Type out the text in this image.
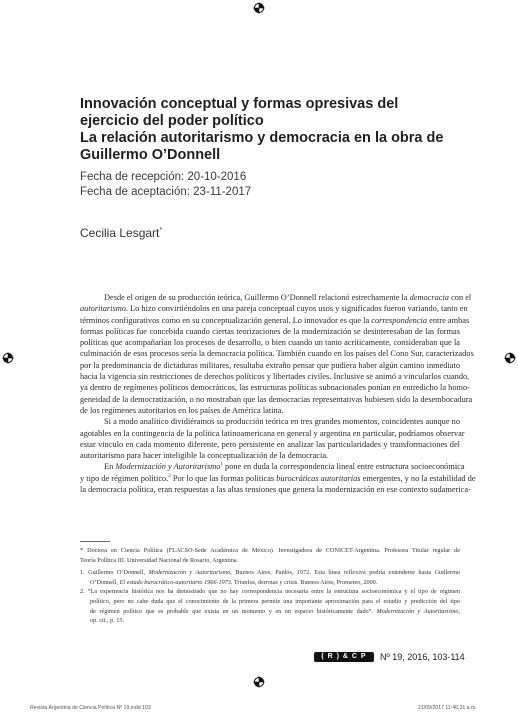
Innovación conceptual y formas opresivas del
ejercicio del poder político
La relación autoritarismo y democracia en la obra de
Guillermo O’Donnell
Fecha de recepción: 20-10-2016
Fecha de aceptación: 23-11-2017
Cecilia Lesgart*

Desde el origen de su producción teórica, Guillermo O’Donnell relacionó estrechamente la democracia con el
autoritarismo. Lo hizo convirtiéndolos en una pareja conceptual cuyos usos y significados fueron variando, tanto en
términos configurativos como en su conceptualización general. Lo innovador es que la correspondencia entre ambas
formas políticas fue concebida cuando ciertas teorizaciones de la modernización se desinteresaban de las formas
políticas que acompañarían los procesos de desarrollo, o bien cuando un tanto acríticamente, consideraban que la
culminación de esos procesos sería la democracia política. También cuando en los países del Cono Sur, caracterizados
por la predominancia de dictaduras militares, resultaba extraño pensar que pudiera haber algún camino inmediato
hacia la vigencia sin restricciones de derechos políticos y libertades civiles. Inclusive se animó a vincularlos cuando,
ya dentro de regímenes políticos democráticos, las estructuras políticas subnacionales ponían en entredicho la homo-
geneidad de la democratización, o no mostraban que las democracias representativas hubiesen sido la desembocadura
de los regímenes autoritarios en los países de América latina.

Si a modo analítico dividiéramos su producción teórica en tres grandes momentos, coincidentes aunque no
agotables en la contingencia de la política latinoamericana en general y argentina en particular, podríamos observar
estar vinculo en cada momento diferente, pero persistente en analizar las particularidades y transformaciones del
autoritarismo para hacer inteligible la conceptualización de la democracia.

En Modernización y Autoritarismo$^1$ pone en duda la correspondencia lineal entre estructura socioeconómica
y tipo de régimen político.$^2$ Por lo que las formas políticas burocráticas autoritarias emergentes, y no la estabilidad de
la democracia política, eran respuestas a las altas tensiones que genera la modernización en ese contexto sudamerica-

* Doctora en Ciencia Política (FLACSO-Sede Académica de México). Investigadora de CONICET-Argentina. Profesora Titular regular de
Teoría Política III. Universidad Nacional de Rosario, Argentina.
1. Guillermo O’Donnell, Modernización y Autoritarismo, Buenos Aires, Paidós, 1972. Esta línea reflexiva podría extenderse hasta Guillermo
O’Donnell, El estado burocrático-autoritario 1966-1973. Triunfos, derrotas y crisis. Buenos Aires, Prometeo, 2009.
2. “La experiencia histórica nos ha demostrado que no hay correspondencia necesaria entre la estructura socioeconómica y el tipo de régimen
político, pero no cabe duda que el conocimiento de la primera permite una importante aproximación para el estudio y predicción del tipo
de régimen político que es probable que exista en un momento y en un espacio históricamente dado”. Modernización y Autoritarismo,
op. cit., p. 15.
( R ) & C P	Nº 19, 2016, 103-114
Revista Argentina de Ciencia Política Nº 19.indd 103	21/09/2017 11:46:31 a.m.
